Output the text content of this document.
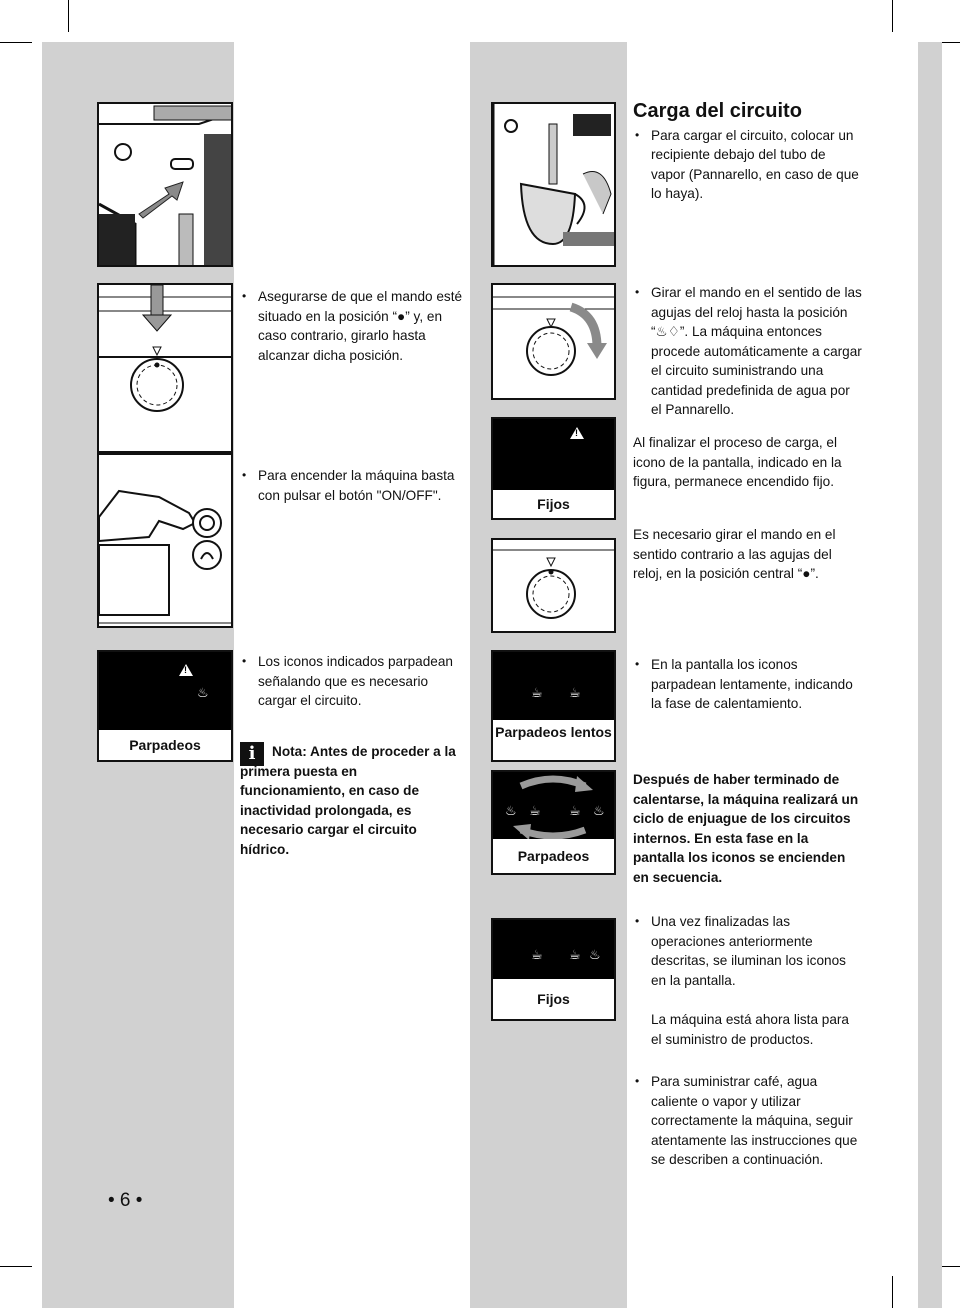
Carga del circuito
• Para cargar el circuito, colocar un recipiente debajo del tubo de vapor (Pannarello, en caso de que lo haya).
• Asegurarse de que el mando esté situado en la posición “●” y, en caso contrario, girarlo hasta alcanzar dicha posición.
• Girar el mando en el sentido de las agujas del reloj hasta la posición “♨♢”. La máquina entonces procede automáticamente a cargar el circuito suministrando una cantidad predefinida de agua por el Pannarello.
• Para encender la máquina basta con pulsar el botón "ON/OFF".
!
Fijos
Al finalizar el proceso de carga, el icono de la pantalla, indicado en la figura, permanece encendido fijo.
Es necesario girar el mando en el sentido contrario a las agujas del reloj, en la posición central “●”.
!
♨
Parpadeos
• Los iconos indicados parpadean señalando que es necesario cargar el circuito.
i	Nota: Antes de proceder a la primera puesta en funcionamiento, en caso de inactividad prolongada, es necesario cargar el circuito hídrico.
☕ ☕
Parpadeos lentos
• En la pantalla los iconos parpadean lentamente, indicando la fase de calentamiento.
♨ ☕ ☕ ♨
Parpadeos
Después de haber terminado de calentarse, la máquina realizará un ciclo de enjuague de los circuitos internos. En esta fase en la pantalla los iconos se encienden en secuencia.
☕ ☕ ♨
Fijos
• Una vez finalizadas las operaciones anteriormente descritas, se iluminan los iconos en la pantalla.
La máquina está ahora lista para el suministro de productos.
• Para suministrar café, agua caliente o vapor y utilizar correctamente la máquina, seguir atentamente las instrucciones que se describen a continuación.
• 6 •
